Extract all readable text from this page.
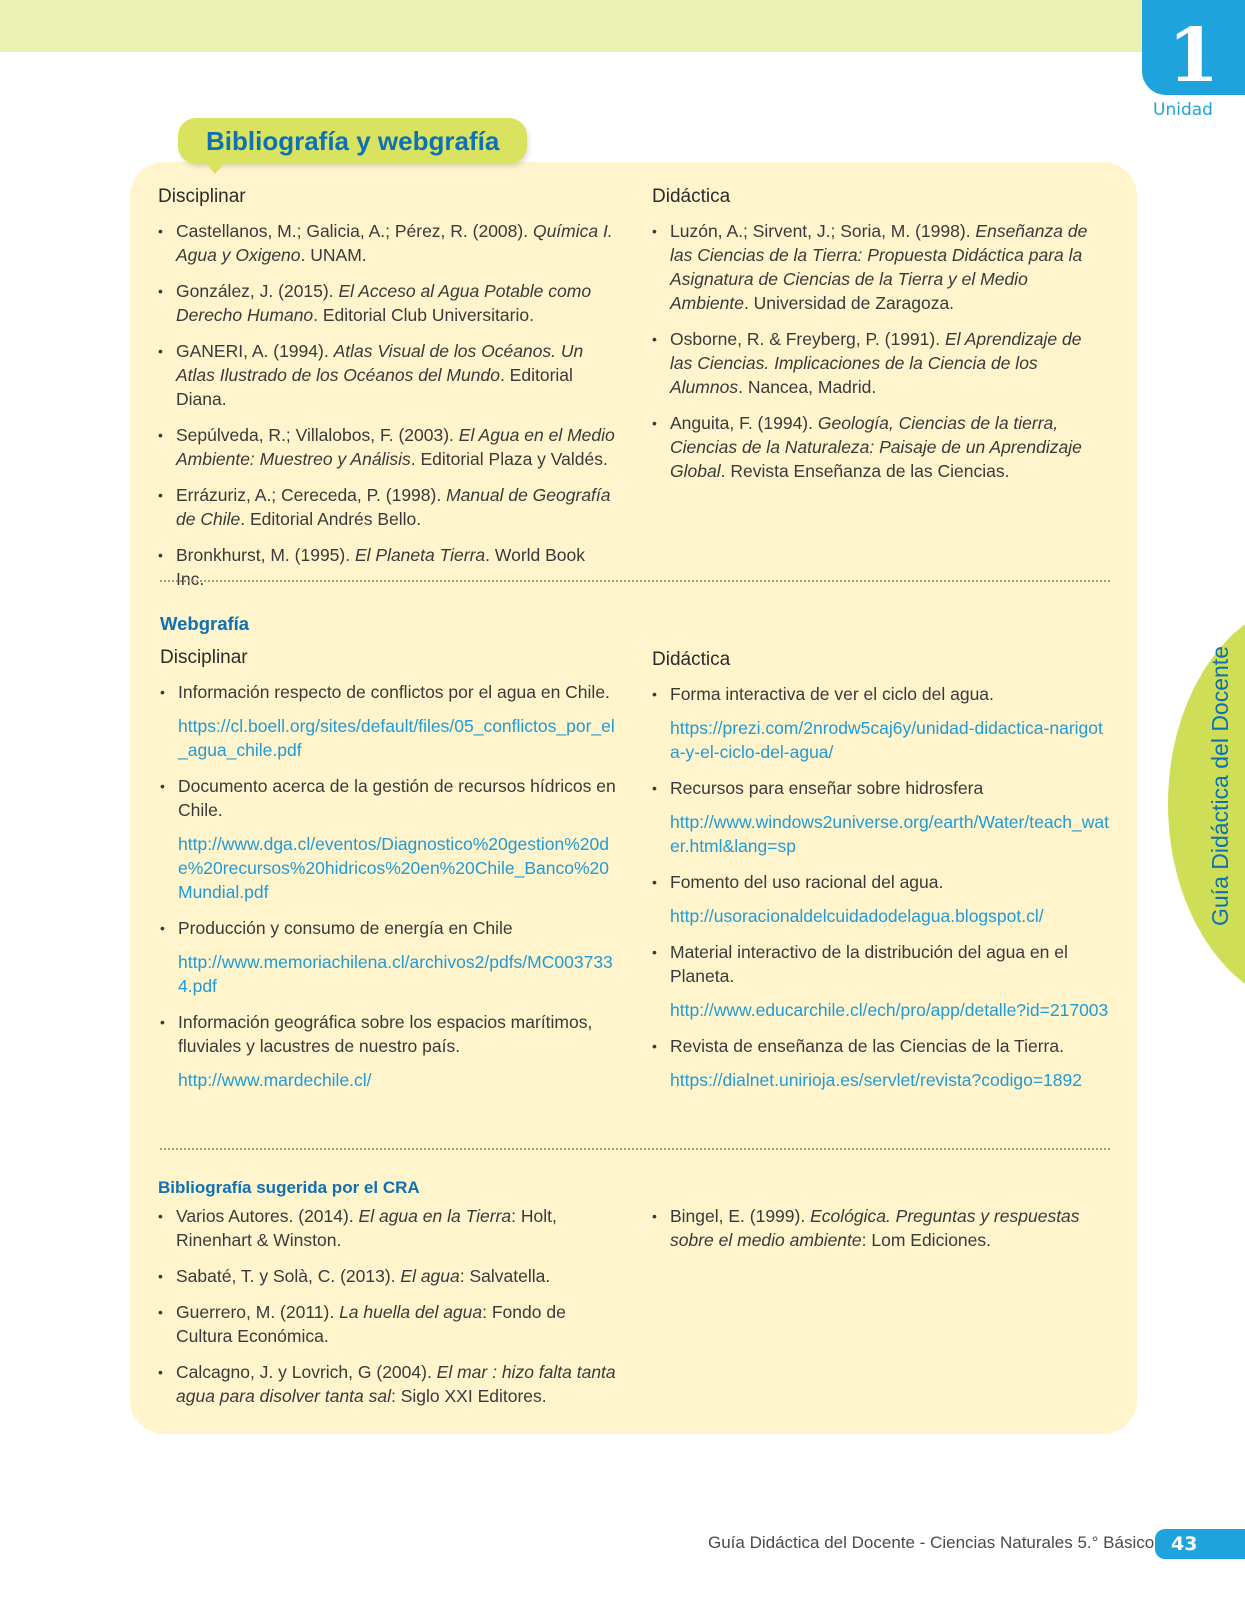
1
Unidad
Guía Didáctica del Docente
Bibliografía y webgrafía
Disciplinar
• Castellanos, M.; Galicia, A.; Pérez, R. (2008). Química I. Agua y Oxigeno. UNAM.
• González, J. (2015). El Acceso al Agua Potable como Derecho Humano. Editorial Club Universitario.
• GANERI, A. (1994). Atlas Visual de los Océanos. Un Atlas Ilustrado de los Océanos del Mundo. Editorial Diana.
• Sepúlveda, R.; Villalobos, F. (2003). El Agua en el Medio Ambiente: Muestreo y Análisis. Editorial Plaza y Valdés.
• Errázuriz, A.; Cereceda, P. (1998). Manual de Geografía de Chile. Editorial Andrés Bello.
• Bronkhurst, M. (1995). El Planeta Tierra. World Book Inc.
Didáctica
• Luzón, A.; Sirvent, J.; Soria, M. (1998). Enseñanza de las Ciencias de la Tierra: Propuesta Didáctica para la Asignatura de Ciencias de la Tierra y el Medio Ambiente. Universidad de Zaragoza.
• Osborne, R. & Freyberg, P. (1991). El Aprendizaje de las Ciencias. Implicaciones de la Ciencia de los Alumnos. Nancea, Madrid.
• Anguita, F. (1994). Geología, Ciencias de la tierra, Ciencias de la Naturaleza: Paisaje de un Aprendizaje Global. Revista Enseñanza de las Ciencias.
Webgrafía
Disciplinar
• Información respecto de conflictos por el agua en Chile.
https://cl.boell.org/sites/default/files/05_conflictos_por_el_agua_chile.pdf
• Documento acerca de la gestión de recursos hídricos en Chile.
http://www.dga.cl/eventos/Diagnostico%20gestion%20de%20recursos%20hidricos%20en%20Chile_Banco%20Mundial.pdf
• Producción y consumo de energía en Chile
http://www.memoriachilena.cl/archivos2/pdfs/MC0037334.pdf
• Información geográfica sobre los espacios marítimos, fluviales y lacustres de nuestro país.
http://www.mardechile.cl/
Didáctica
• Forma interactiva de ver el ciclo del agua.
https://prezi.com/2nrodw5caj6y/unidad-didactica-narigota-y-el-ciclo-del-agua/
• Recursos para enseñar sobre hidrosfera
http://www.windows2universe.org/earth/Water/teach_water.html&lang=sp
• Fomento del uso racional del agua.
http://usoracionaldelcuidadodelagua.blogspot.cl/
• Material interactivo de la distribución del agua en el Planeta.
http://www.educarchile.cl/ech/pro/app/detalle?id=217003
• Revista de enseñanza de las Ciencias de la Tierra.
https://dialnet.unirioja.es/servlet/revista?codigo=1892
Bibliografía sugerida por el CRA
• Varios Autores. (2014). El agua en la Tierra: Holt, Rinenhart & Winston.
• Sabaté, T. y Solà, C. (2013). El agua: Salvatella.
• Guerrero, M. (2011). La huella del agua: Fondo de Cultura Económica.
• Calcagno, J. y Lovrich, G (2004). El mar : hizo falta tanta agua para disolver tanta sal: Siglo XXI Editores.
• Bingel, E. (1999). Ecológica. Preguntas y respuestas sobre el medio ambiente: Lom Ediciones.
Guía Didáctica del Docente - Ciencias Naturales 5.° Básico 43
